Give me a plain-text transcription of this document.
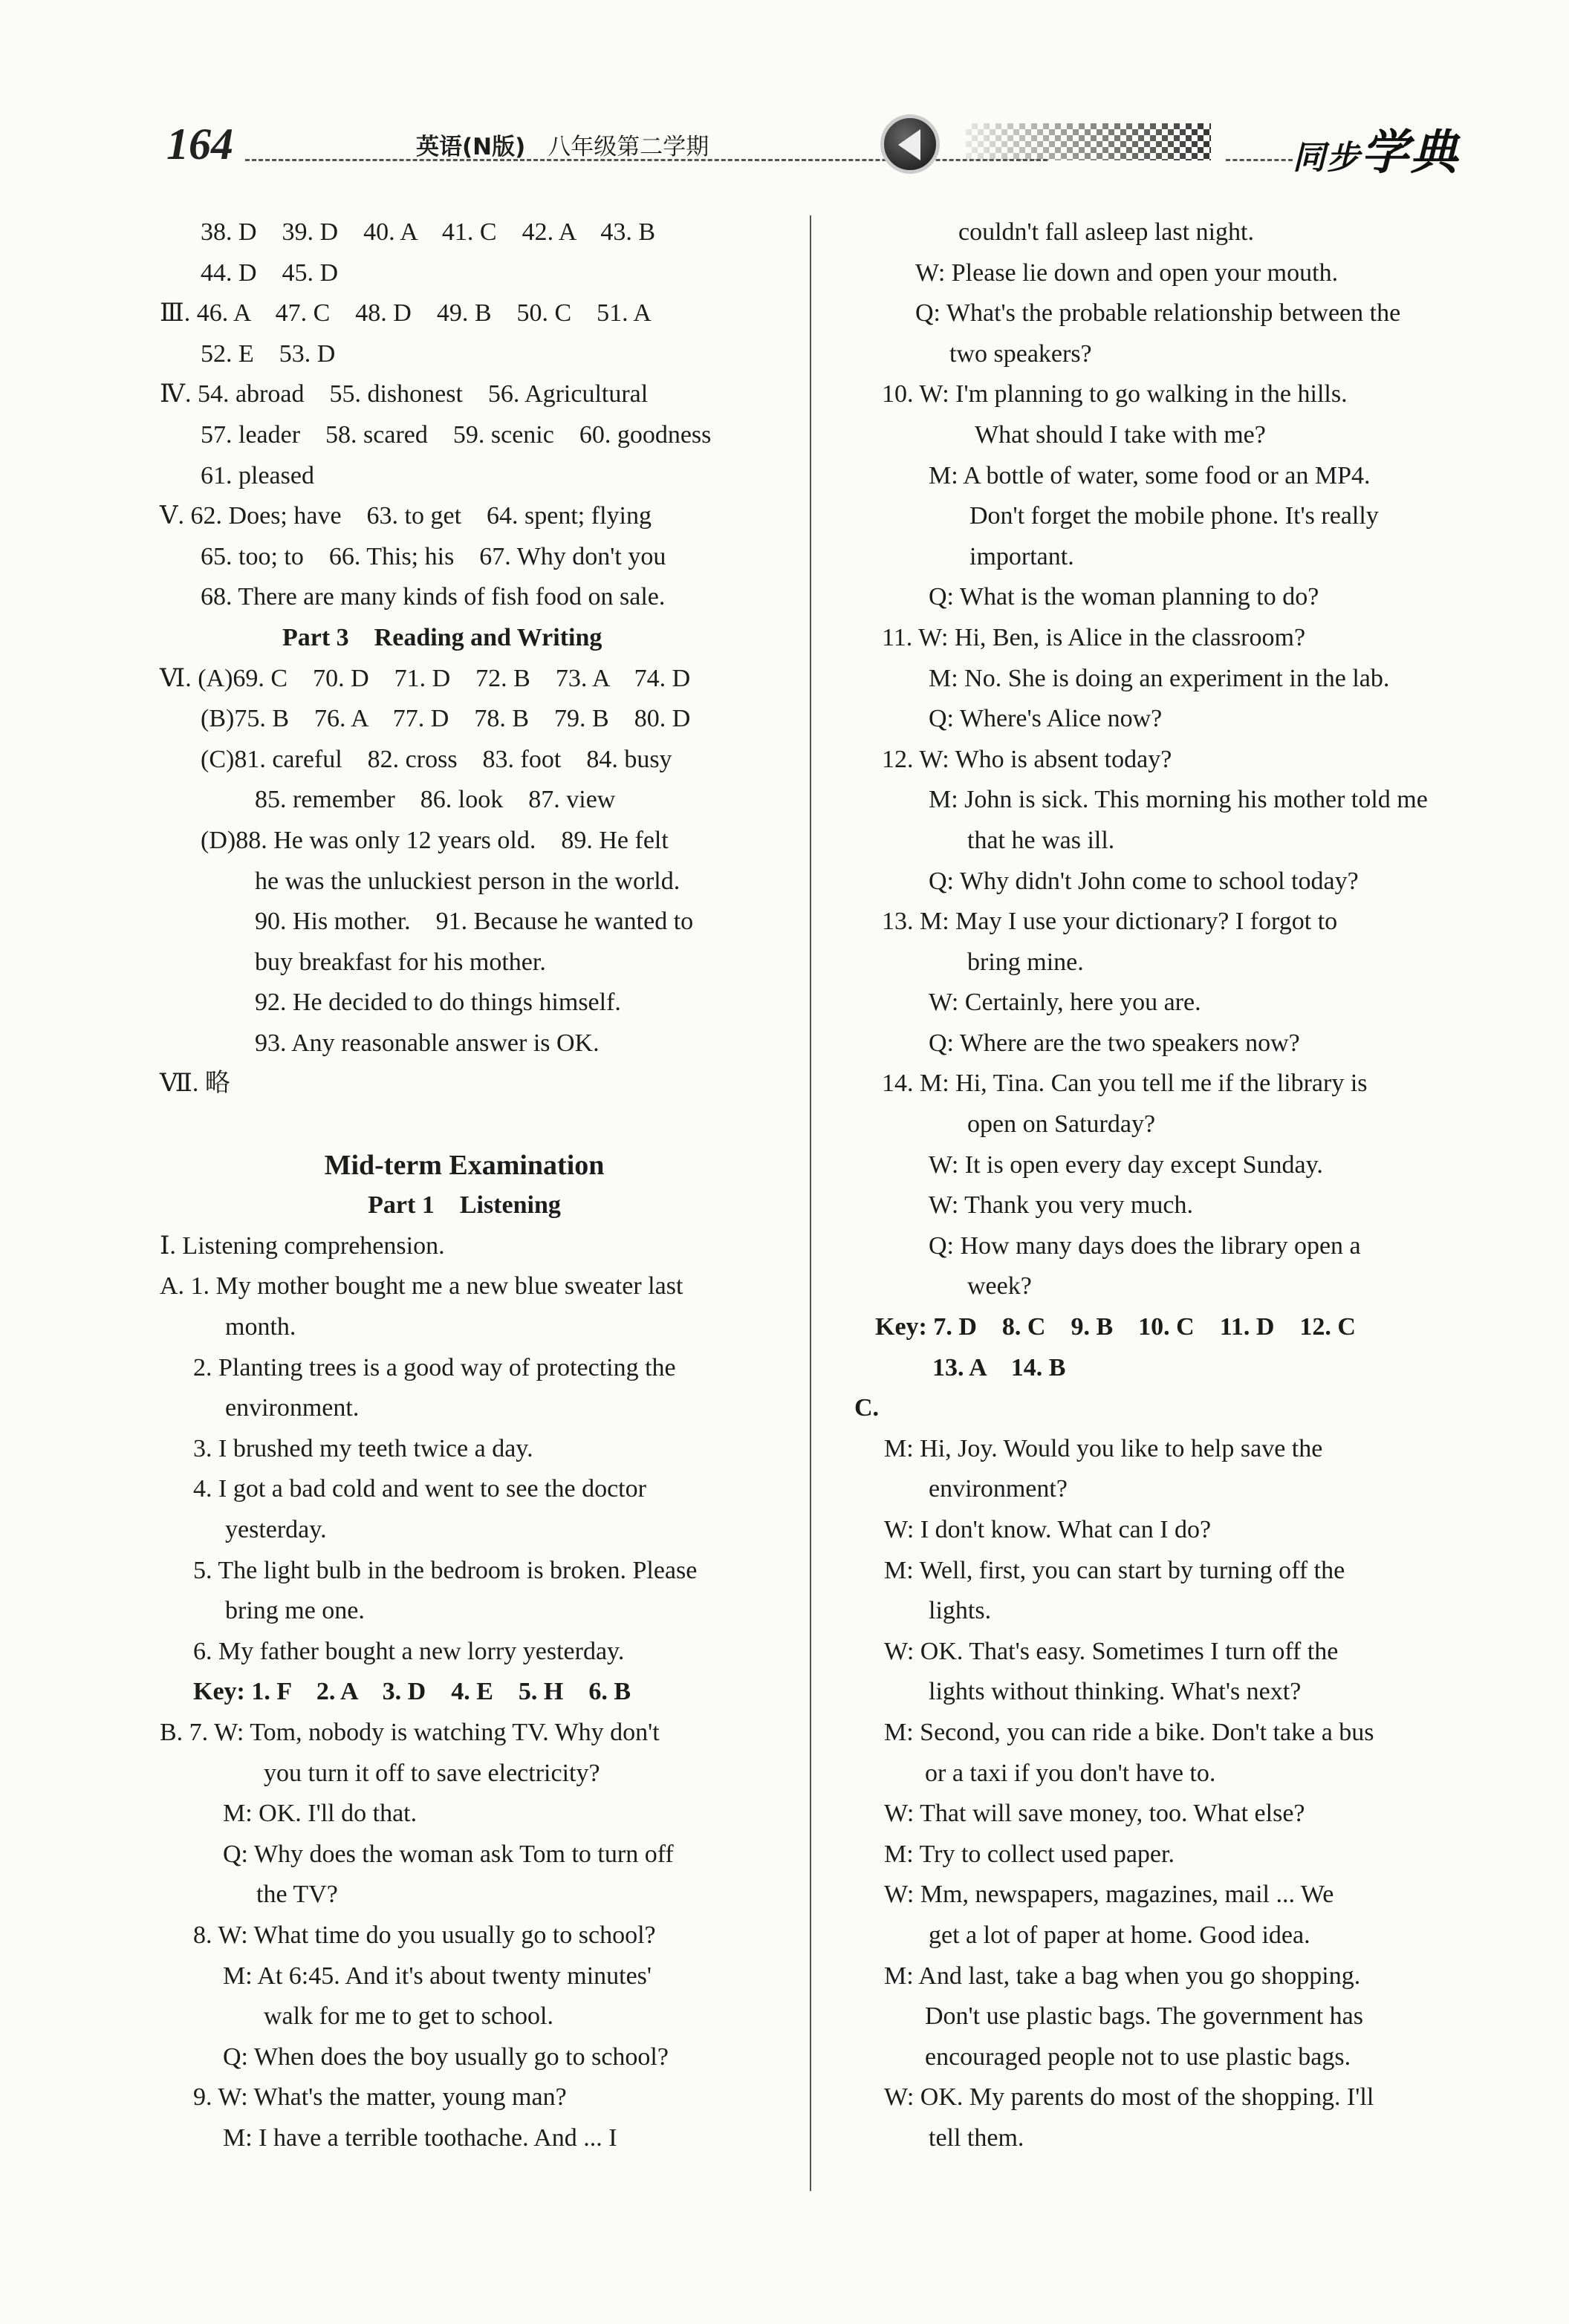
164	英语(N版) 八年级第二学期	同步学典
38. D　39. D　40. A　41. C　42. A　43. B
44. D　45. D
Ⅲ. 46. A　47. C　48. D　49. B　50. C　51. A
52. E　53. D
Ⅳ. 54. abroad　55. dishonest　56. Agricultural
57. leader　58. scared　59. scenic　60. goodness
61. pleased
Ⅴ. 62. Does; have　63. to get　64. spent; flying
65. too; to　66. This; his　67. Why don't you
68. There are many kinds of fish food on sale.
Part 3　Reading and Writing
Ⅵ. (A)69. C　70. D　71. D　72. B　73. A　74. D
(B)75. B　76. A　77. D　78. B　79. B　80. D
(C)81. careful　82. cross　83. foot　84. busy
85. remember　86. look　87. view
(D)88. He was only 12 years old.　89. He felt
he was the unluckiest person in the world.
90. His mother.　91. Because he wanted to
buy breakfast for his mother.
92. He decided to do things himself.
93. Any reasonable answer is OK.
Ⅶ. 略
Mid-term Examination
Part 1　Listening
Ⅰ. Listening comprehension.
A. 1. My mother bought me a new blue sweater last
month.
2. Planting trees is a good way of protecting the
environment.
3. I brushed my teeth twice a day.
4. I got a bad cold and went to see the doctor
yesterday.
5. The light bulb in the bedroom is broken. Please
bring me one.
6. My father bought a new lorry yesterday.
Key: 1. F　2. A　3. D　4. E　5. H　6. B
B. 7. W: Tom, nobody is watching TV. Why don't
you turn it off to save electricity?
M: OK. I'll do that.
Q: Why does the woman ask Tom to turn off
the TV?
8. W: What time do you usually go to school?
M: At 6:45. And it's about twenty minutes'
walk for me to get to school.
Q: When does the boy usually go to school?
9. W: What's the matter, young man?
M: I have a terrible toothache. And ... I
couldn't fall asleep last night.
W: Please lie down and open your mouth.
Q: What's the probable relationship between the
two speakers?
10. W: I'm planning to go walking in the hills.
What should I take with me?
M: A bottle of water, some food or an MP4.
Don't forget the mobile phone. It's really
important.
Q: What is the woman planning to do?
11. W: Hi, Ben, is Alice in the classroom?
M: No. She is doing an experiment in the lab.
Q: Where's Alice now?
12. W: Who is absent today?
M: John is sick. This morning his mother told me
that he was ill.
Q: Why didn't John come to school today?
13. M: May I use your dictionary? I forgot to
bring mine.
W: Certainly, here you are.
Q: Where are the two speakers now?
14. M: Hi, Tina. Can you tell me if the library is
open on Saturday?
W: It is open every day except Sunday.
W: Thank you very much.
Q: How many days does the library open a
week?
Key: 7. D　8. C　9. B　10. C　11. D　12. C
13. A　14. B
C.
M: Hi, Joy. Would you like to help save the
environment?
W: I don't know. What can I do?
M: Well, first, you can start by turning off the
lights.
W: OK. That's easy. Sometimes I turn off the
lights without thinking. What's next?
M: Second, you can ride a bike. Don't take a bus
or a taxi if you don't have to.
W: That will save money, too. What else?
M: Try to collect used paper.
W: Mm, newspapers, magazines, mail ... We
get a lot of paper at home. Good idea.
M: And last, take a bag when you go shopping.
Don't use plastic bags. The government has
encouraged people not to use plastic bags.
W: OK. My parents do most of the shopping. I'll
tell them.
